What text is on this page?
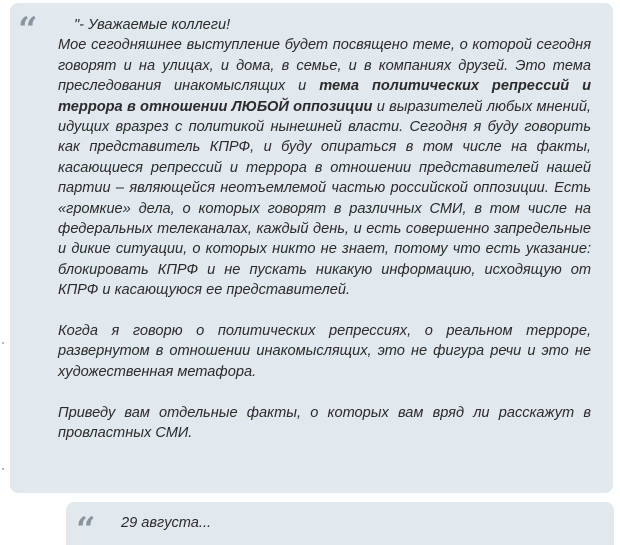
“	"- Уважаемые коллеги!
Мое сегодняшнее выступление будет посвящено теме, о которой сегодня говорят и на улицах, и дома, в семье, и в компаниях друзей. Это тема преследования инакомыслящих и тема политических репрессий и террора в отношении ЛЮБОЙ оппозиции и выразителей любых мнений, идущих вразрез с политикой нынешней власти. Сегодня я буду говорить как представитель КПРФ, и буду опираться в том числе на факты, касающиеся репрессий и террора в отношении представителей нашей партии – являющейся неотъемлемой частью российской оппозиции. Есть «громкие» дела, о которых говорят в различных СМИ, в том числе на федеральных телеканалах, каждый день, и есть совершенно запредельные и дикие ситуации, о которых никто не знает, потому что есть указание: блокировать КПРФ и не пускать никакую информацию, исходящую от КПРФ и касающуюся ее представителей.

Когда я говорю о политических репрессиях, о реальном терроре, развернутом в отношении инакомыслящих, это не фигура речи и это не художественная метафора.

Приведу вам отдельные факты, о которых вам вряд ли расскажут в провластных СМИ.

“ 29 августа...
